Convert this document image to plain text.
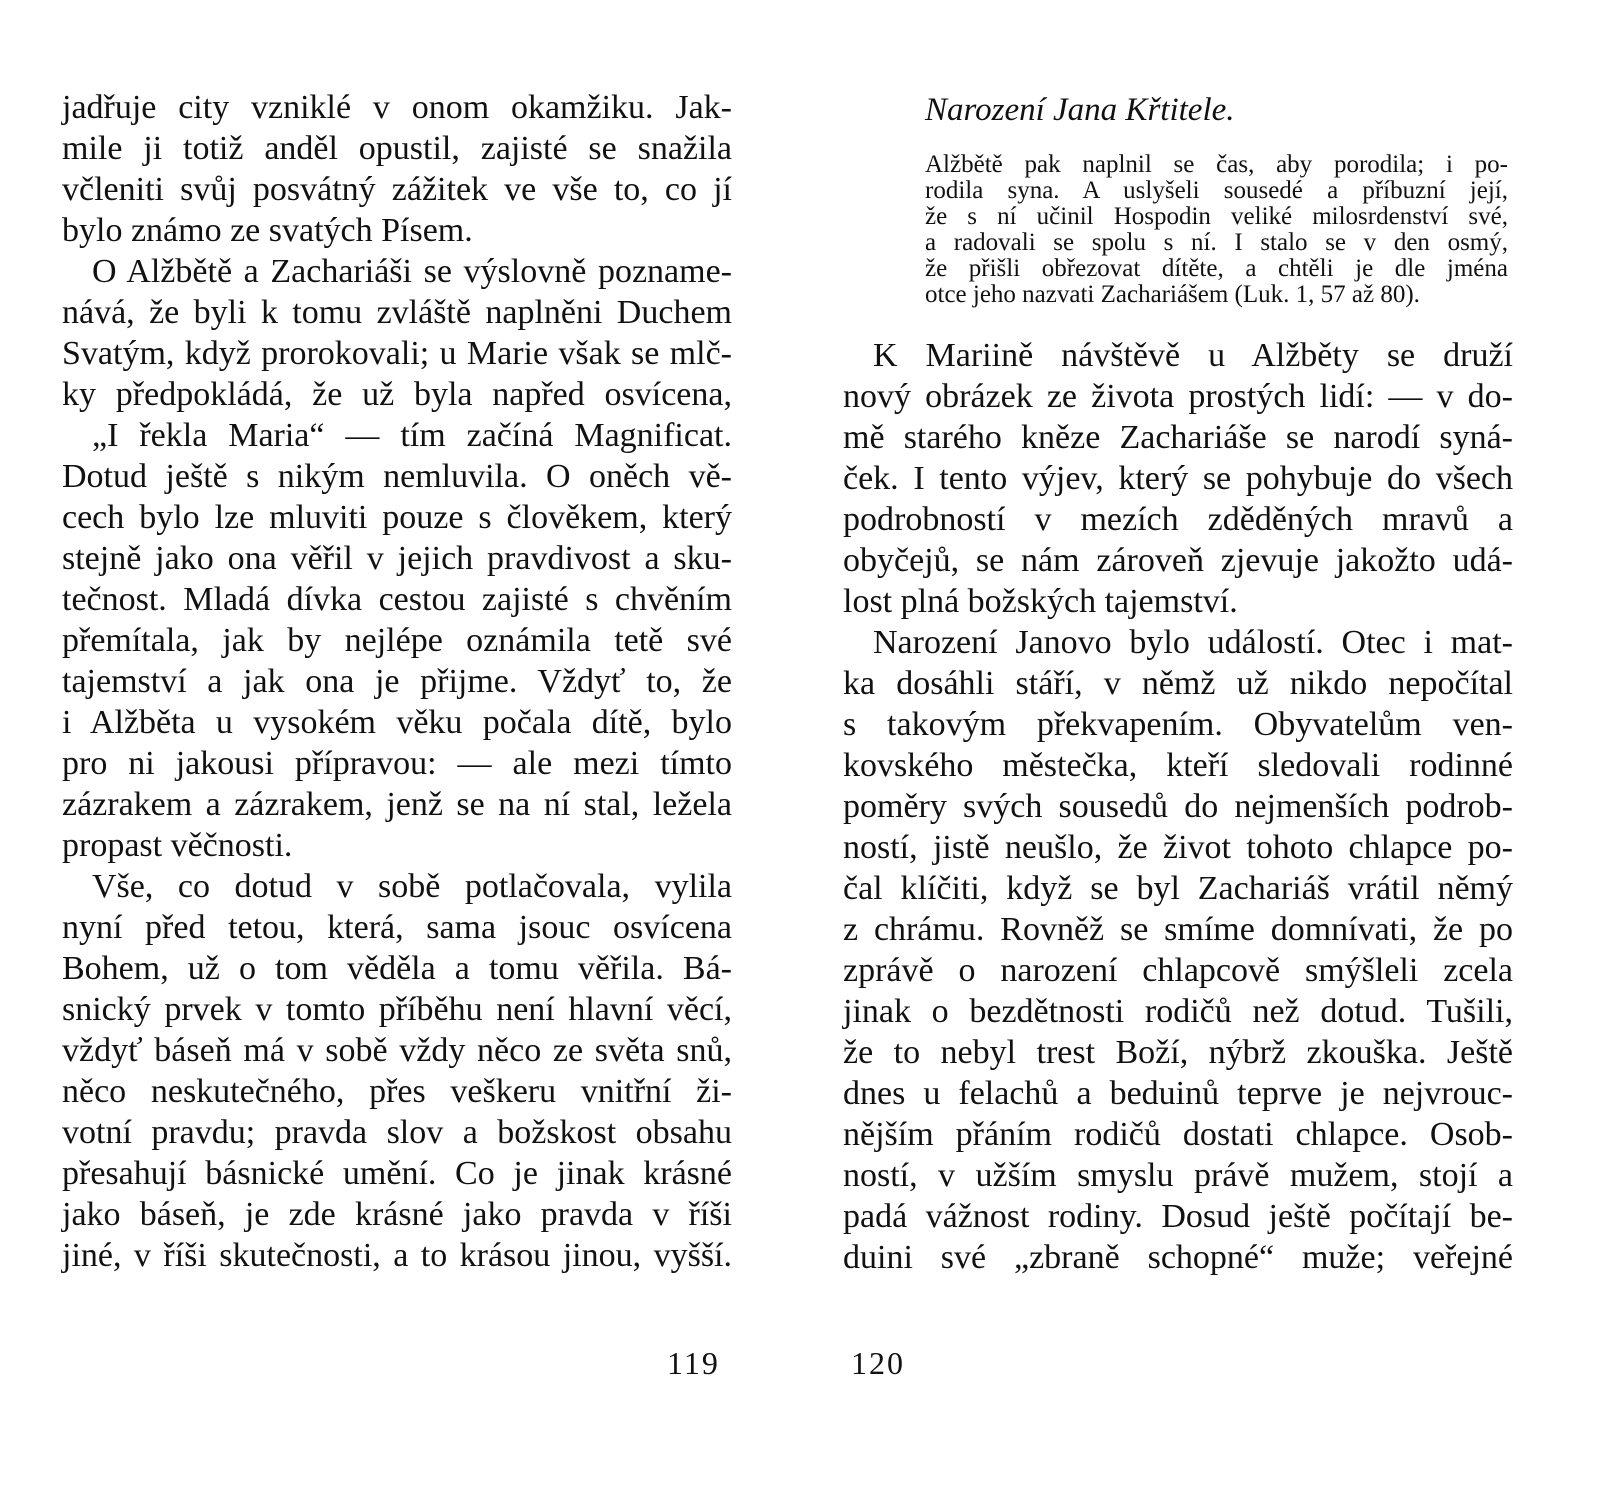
jadřuje city vzniklé v onom okamžiku. Jak-
mile ji totiž anděl opustil, zajisté se snažila
včleniti svůj posvátný zážitek ve vše to, co jí
bylo známo ze svatých Písem.
O Alžbětě a Zachariáši se výslovně pozname-
nává, že byli k tomu zvláště naplněni Duchem
Svatým, když prorokovali; u Marie však se mlč-
ky předpokládá, že už byla napřed osvícena,
„I řekla Maria“ — tím začíná Magnificat.
Dotud ještě s nikým nemluvila. O oněch vě-
cech bylo lze mluviti pouze s člověkem, který
stejně jako ona věřil v jejich pravdivost a sku-
tečnost. Mladá dívka cestou zajisté s chvěním
přemítala, jak by nejlépe oznámila tetě své
tajemství a jak ona je přijme. Vždyť to, že
i Alžběta u vysokém věku počala dítě, bylo
pro ni jakousi přípravou: — ale mezi tímto
zázrakem a zázrakem, jenž se na ní stal, ležela
propast věčnosti.
Vše, co dotud v sobě potlačovala, vylila
nyní před tetou, která, sama jsouc osvícena
Bohem, už o tom věděla a tomu věřila. Bá-
snický prvek v tomto příběhu není hlavní věcí,
vždyť báseň má v sobě vždy něco ze světa snů,
něco neskutečného, přes veškeru vnitřní ži-
votní pravdu; pravda slov a božskost obsahu
přesahují básnické umění. Co je jinak krásné
jako báseň, je zde krásné jako pravda v říši
jiné, v říši skutečnosti, a to krásou jinou, vyšší.
Narození Jana Křtitele.
Alžbětě pak naplnil se čas, aby porodila; i po-
rodila syna. A uslyšeli sousedé a příbuzní její,
že s ní učinil Hospodin veliké milosrdenství své,
a radovali se spolu s ní. I stalo se v den osmý,
že přišli obřezovat dítěte, a chtěli je dle jména
otce jeho nazvati Zachariášem (Luk. 1, 57 až 80).
K Mariině návštěvě u Alžběty se druží
nový obrázek ze života prostých lidí: — v do-
mě starého kněze Zachariáše se narodí syná-
ček. I tento výjev, který se pohybuje do všech
podrobností v mezích zděděných mravů a
obyčejů, se nám zároveň zjevuje jakožto udá-
lost plná božských tajemství.
Narození Janovo bylo událostí. Otec i mat-
ka dosáhli stáří, v němž už nikdo nepočítal
s takovým překvapením. Obyvatelům ven-
kovského městečka, kteří sledovali rodinné
poměry svých sousedů do nejmenších podrob-
ností, jistě neušlo, že život tohoto chlapce po-
čal klíčiti, když se byl Zachariáš vrátil němý
z chrámu. Rovněž se smíme domnívati, že po
zprávě o narození chlapcově smýšleli zcela
jinak o bezdětnosti rodičů než dotud. Tušili,
že to nebyl trest Boží, nýbrž zkouška. Ještě
dnes u felachů a beduinů teprve je nejvrouc-
nějším přáním rodičů dostati chlapce. Osob-
ností, v užším smyslu právě mužem, stojí a
padá vážnost rodiny. Dosud ještě počítají be-
duini své „zbraně schopné“ muže; veřejné
119	120
